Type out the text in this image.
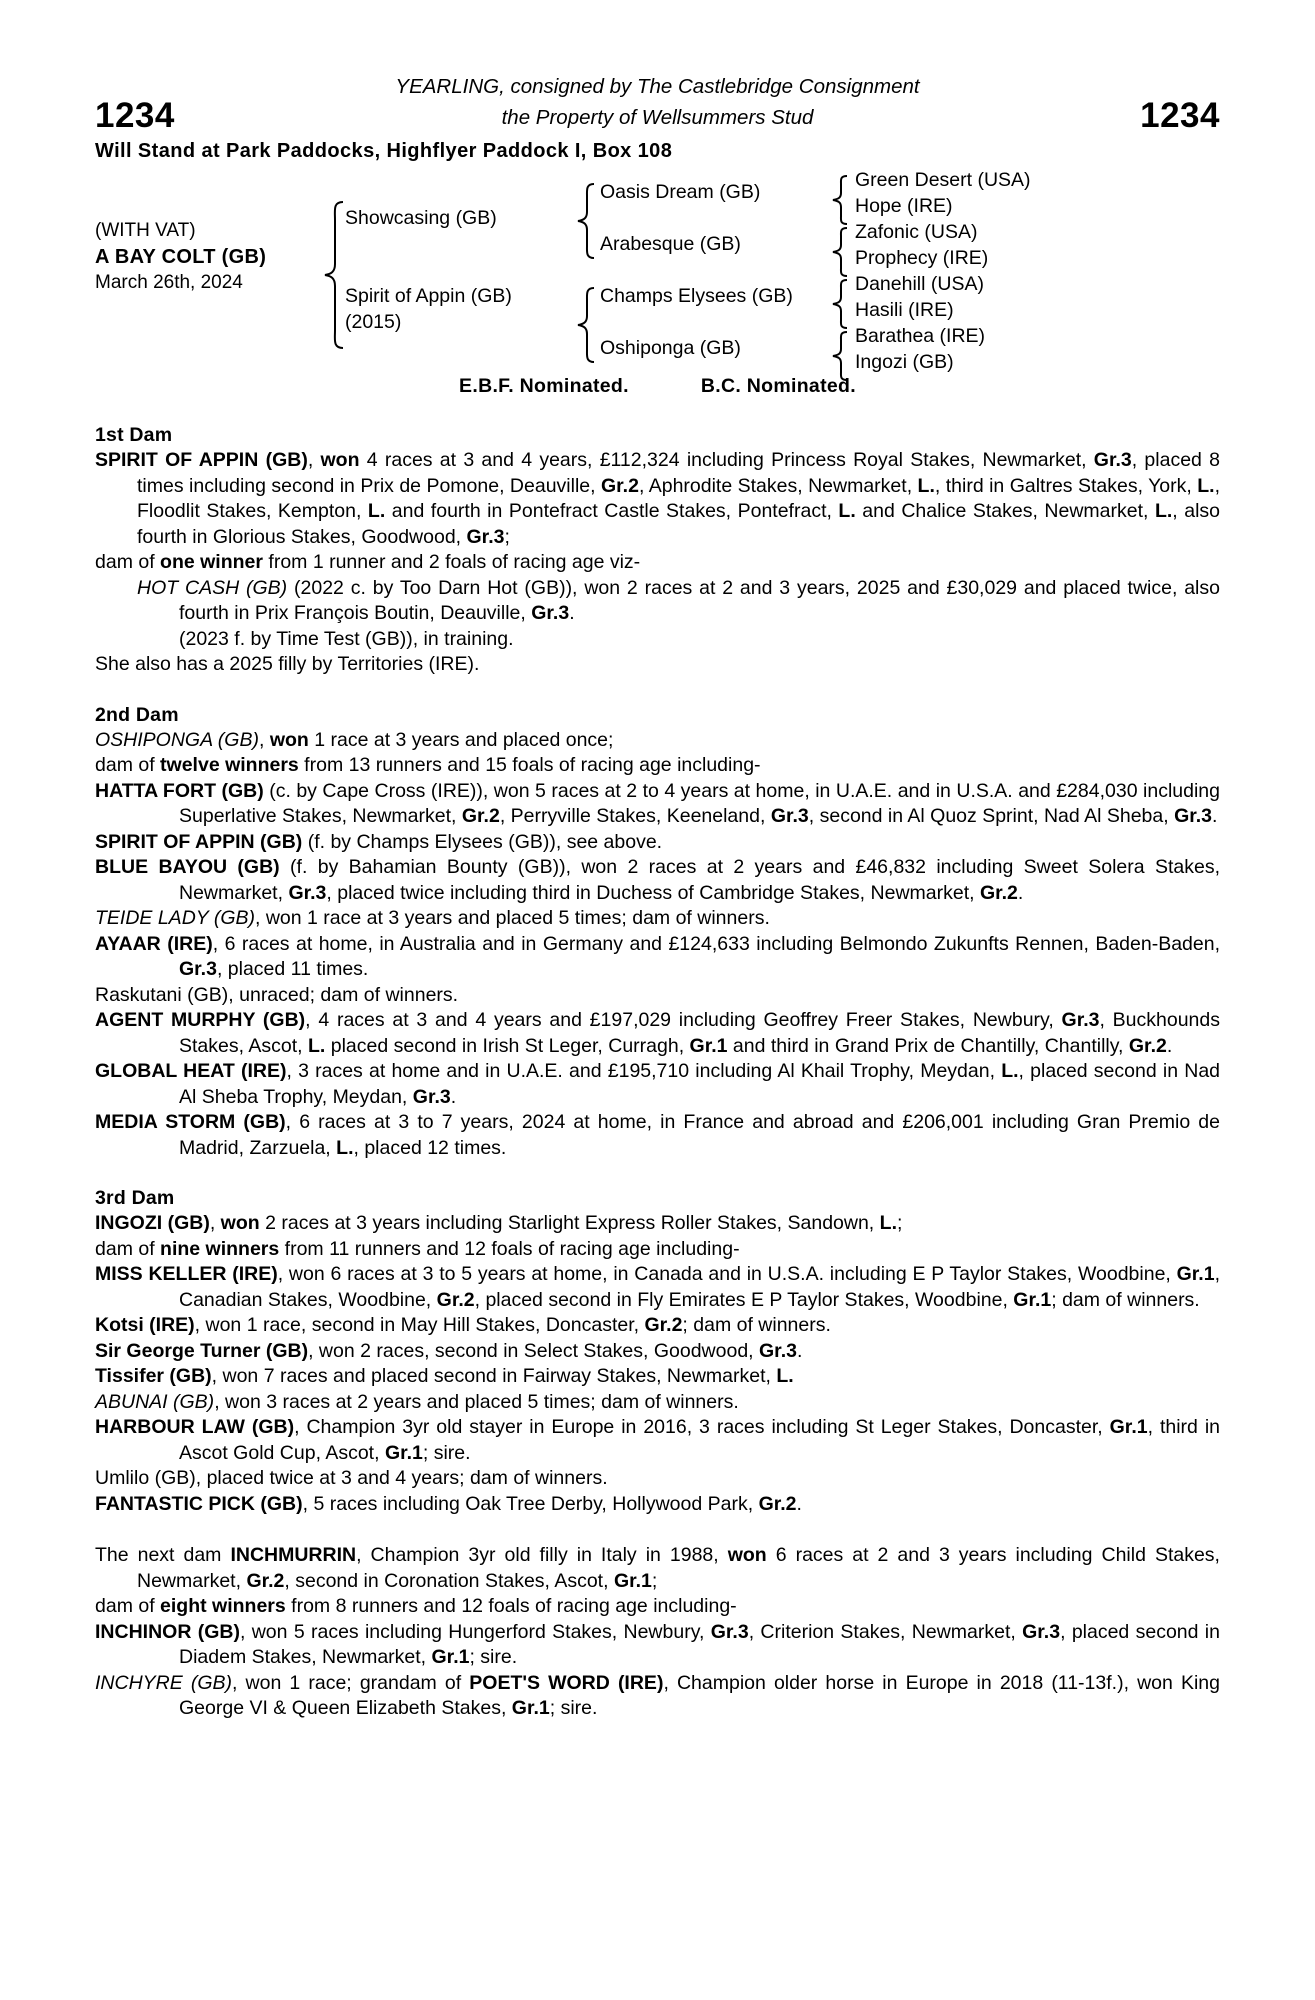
1234	1234
YEARLING, consigned by The Castlebridge Consignment
the Property of Wellsummers Stud
Will Stand at Park Paddocks, Highflyer Paddock I, Box 108
(WITH VAT)
A BAY COLT (GB)
March 26th, 2024
Showcasing (GB)
Spirit of Appin (GB)
(2015)
Oasis Dream (GB)
Arabesque (GB)
Champs Elysees (GB)
Oshiponga (GB)
Green Desert (USA)
Hope (IRE)
Zafonic (USA)
Prophecy (IRE)
Danehill (USA)
Hasili (IRE)
Barathea (IRE)
Ingozi (GB)
E.B.F. Nominated.	B.C. Nominated.
1st Dam

SPIRIT OF APPIN (GB), won 4 races at 3 and 4 years, £112,324 including Princess Royal Stakes, Newmarket, Gr.3, placed 8 times including second in Prix de Pomone, Deauville, Gr.2, Aphrodite Stakes, Newmarket, L., third in Galtres Stakes, York, L., Floodlit Stakes, Kempton, L. and fourth in Pontefract Castle Stakes, Pontefract, L. and Chalice Stakes, Newmarket, L., also fourth in Glorious Stakes, Goodwood, Gr.3;

dam of one winner from 1 runner and 2 foals of racing age viz-

HOT CASH (GB) (2022 c. by Too Darn Hot (GB)), won 2 races at 2 and 3 years, 2025 and £30,029 and placed twice, also fourth in Prix François Boutin, Deauville, Gr.3.

(2023 f. by Time Test (GB)), in training.

She also has a 2025 filly by Territories (IRE).

2nd Dam

OSHIPONGA (GB), won 1 race at 3 years and placed once;

dam of twelve winners from 13 runners and 15 foals of racing age including-

HATTA FORT (GB) (c. by Cape Cross (IRE)), won 5 races at 2 to 4 years at home, in U.A.E. and in U.S.A. and £284,030 including Superlative Stakes, Newmarket, Gr.2, Perryville Stakes, Keeneland, Gr.3, second in Al Quoz Sprint, Nad Al Sheba, Gr.3.

SPIRIT OF APPIN (GB) (f. by Champs Elysees (GB)), see above.

BLUE BAYOU (GB) (f. by Bahamian Bounty (GB)), won 2 races at 2 years and £46,832 including Sweet Solera Stakes, Newmarket, Gr.3, placed twice including third in Duchess of Cambridge Stakes, Newmarket, Gr.2.

TEIDE LADY (GB), won 1 race at 3 years and placed 5 times; dam of winners.

AYAAR (IRE), 6 races at home, in Australia and in Germany and £124,633 including Belmondo Zukunfts Rennen, Baden-Baden, Gr.3, placed 11 times.

Raskutani (GB), unraced; dam of winners.

AGENT MURPHY (GB), 4 races at 3 and 4 years and £197,029 including Geoffrey Freer Stakes, Newbury, Gr.3, Buckhounds Stakes, Ascot, L. placed second in Irish St Leger, Curragh, Gr.1 and third in Grand Prix de Chantilly, Chantilly, Gr.2.

GLOBAL HEAT (IRE), 3 races at home and in U.A.E. and £195,710 including Al Khail Trophy, Meydan, L., placed second in Nad Al Sheba Trophy, Meydan, Gr.3.

MEDIA STORM (GB), 6 races at 3 to 7 years, 2024 at home, in France and abroad and £206,001 including Gran Premio de Madrid, Zarzuela, L., placed 12 times.

3rd Dam

INGOZI (GB), won 2 races at 3 years including Starlight Express Roller Stakes, Sandown, L.;

dam of nine winners from 11 runners and 12 foals of racing age including-

MISS KELLER (IRE), won 6 races at 3 to 5 years at home, in Canada and in U.S.A. including E P Taylor Stakes, Woodbine, Gr.1, Canadian Stakes, Woodbine, Gr.2, placed second in Fly Emirates E P Taylor Stakes, Woodbine, Gr.1; dam of winners.

Kotsi (IRE), won 1 race, second in May Hill Stakes, Doncaster, Gr.2; dam of winners.

Sir George Turner (GB), won 2 races, second in Select Stakes, Goodwood, Gr.3.

Tissifer (GB), won 7 races and placed second in Fairway Stakes, Newmarket, L.

ABUNAI (GB), won 3 races at 2 years and placed 5 times; dam of winners.

HARBOUR LAW (GB), Champion 3yr old stayer in Europe in 2016, 3 races including St Leger Stakes, Doncaster, Gr.1, third in Ascot Gold Cup, Ascot, Gr.1; sire.

Umlilo (GB), placed twice at 3 and 4 years; dam of winners.

FANTASTIC PICK (GB), 5 races including Oak Tree Derby, Hollywood Park, Gr.2.

The next dam INCHMURRIN, Champion 3yr old filly in Italy in 1988, won 6 races at 2 and 3 years including Child Stakes, Newmarket, Gr.2, second in Coronation Stakes, Ascot, Gr.1;

dam of eight winners from 8 runners and 12 foals of racing age including-

INCHINOR (GB), won 5 races including Hungerford Stakes, Newbury, Gr.3, Criterion Stakes, Newmarket, Gr.3, placed second in Diadem Stakes, Newmarket, Gr.1; sire.

INCHYRE (GB), won 1 race; grandam of POET'S WORD (IRE), Champion older horse in Europe in 2018 (11-13f.), won King George VI & Queen Elizabeth Stakes, Gr.1; sire.
